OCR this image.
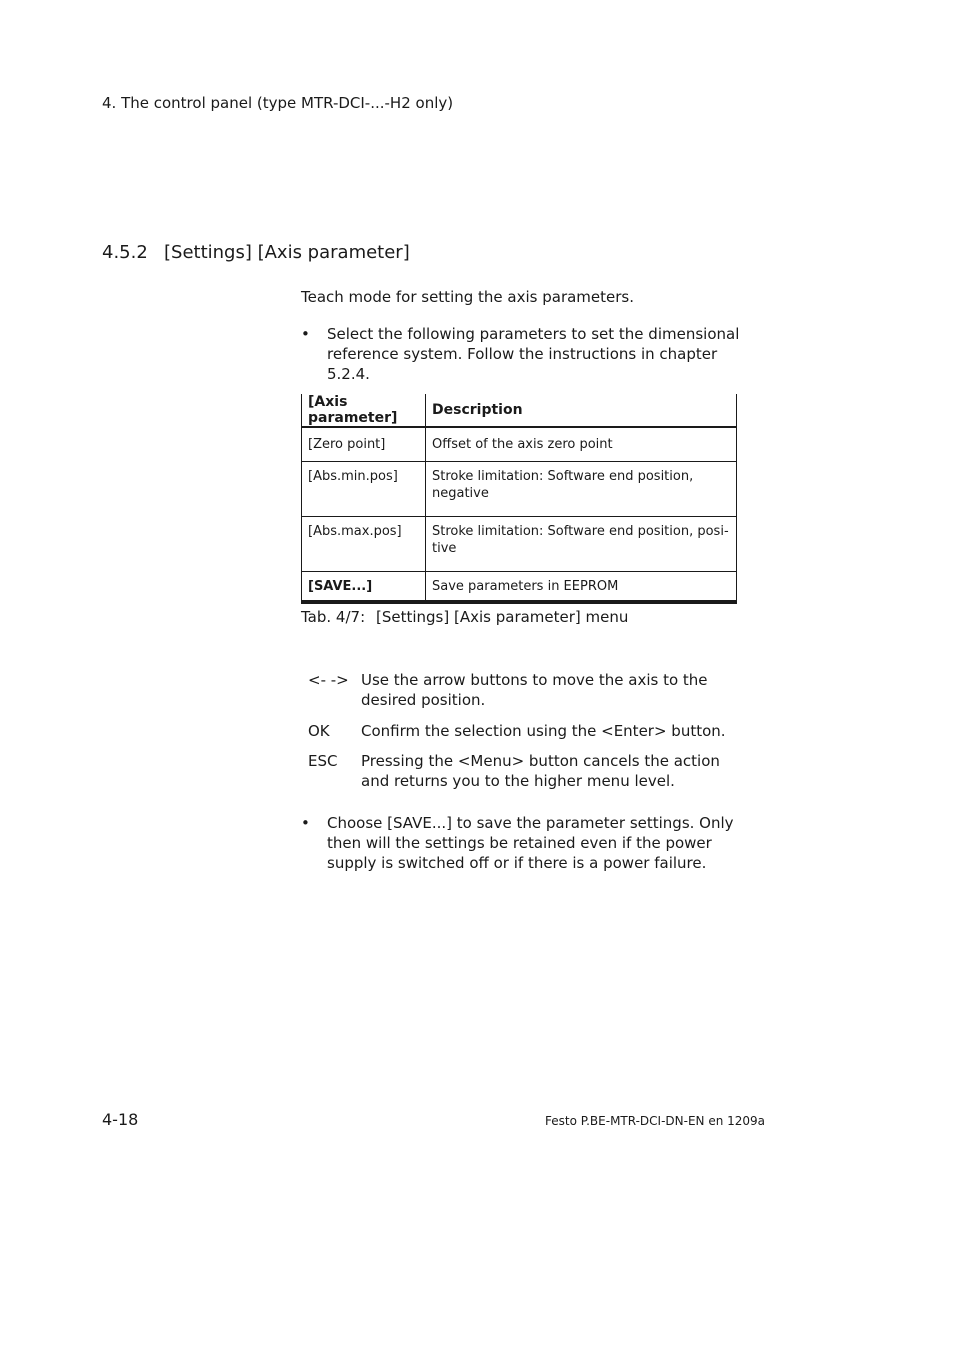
4. The control panel (type MTR-DCI-...-H2 only)
4.5.2 [Settings] [Axis parameter]
Teach mode for setting the axis parameters.
• Select the following parameters to set the dimensional reference system. Follow the instructions in chapter 5.2.4.
[Axis parameter]	Description
[Zero point]	Offset of the axis zero point
[Abs.min.pos]	Stroke limitation: Software end position, negative
[Abs.max.pos]	Stroke limitation: Software end position, posi-tive
[SAVE...]	Save parameters in EEPROM
Tab. 4/7: [Settings] [Axis parameter] menu
<- -> Use the arrow buttons to move the axis to the desired position.
OK Confirm the selection using the <Enter> button.
ESC Pressing the <Menu> button cancels the action and returns you to the higher menu level.
• Choose [SAVE...] to save the parameter settings. Only then will the settings be retained even if the power supply is switched off or if there is a power failure.
4-18	Festo P.BE-MTR-DCI-DN-EN en 1209a
